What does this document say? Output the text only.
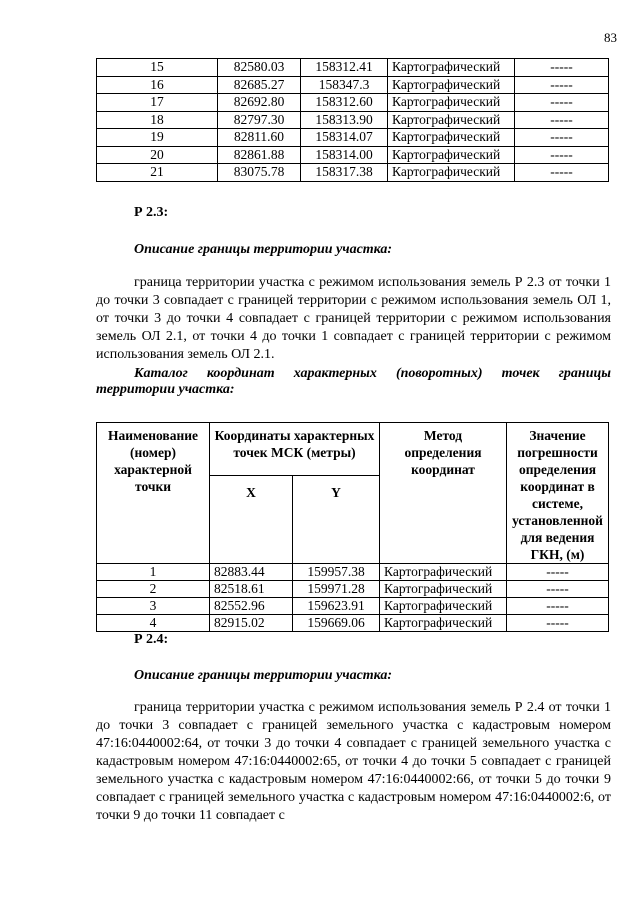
83
15	82580.03	158312.41	Картографический	-----
16	82685.27	158347.3	Картографический	-----
17	82692.80	158312.60	Картографический	-----
18	82797.30	158313.90	Картографический	-----
19	82811.60	158314.07	Картографический	-----
20	82861.88	158314.00	Картографический	-----
21	83075.78	158317.38	Картографический	-----
Р 2.3:
Описание границы территории участка:

граница территории участка с режимом использования земель Р 2.3 от точки 1 до точки 3 совпадает с границей территории с режимом использования земель ОЛ 1, от точки 3 до точки 4 совпадает с границей территории с режимом использования земель ОЛ 2.1, от точки 4 до точки 1 совпадает с границей территории с режимом использования земель ОЛ 2.1.

Каталог координат характерных (поворотных) точек границы
территории участка:
Наименование (номер) характерной точки	Координаты характерных точек МСК (метры)		Метод определения координат	Значение погрешности определения координат в системе, установленной для ведения ГКН, (м)
	X	Y		
1	82883.44	159957.38	Картографический	-----
2	82518.61	159971.28	Картографический	-----
3	82552.96	159623.91	Картографический	-----
4	82915.02	159669.06	Картографический	-----
Р 2.4:
Описание границы территории участка:

граница территории участка с режимом использования земель Р 2.4 от точки 1 до точки 3 совпадает с границей земельного участка с кадастровым номером 47:16:0440002:64, от точки 3 до точки 4 совпадает с границей земельного участка с кадастровым номером 47:16:0440002:65, от точки 4 до точки 5 совпадает с границей земельного участка с кадастровым номером 47:16:0440002:66, от точки 5 до точки 9 совпадает с границей земельного участка с кадастровым номером 47:16:0440002:6, от точки 9 до точки 11 совпадает с
